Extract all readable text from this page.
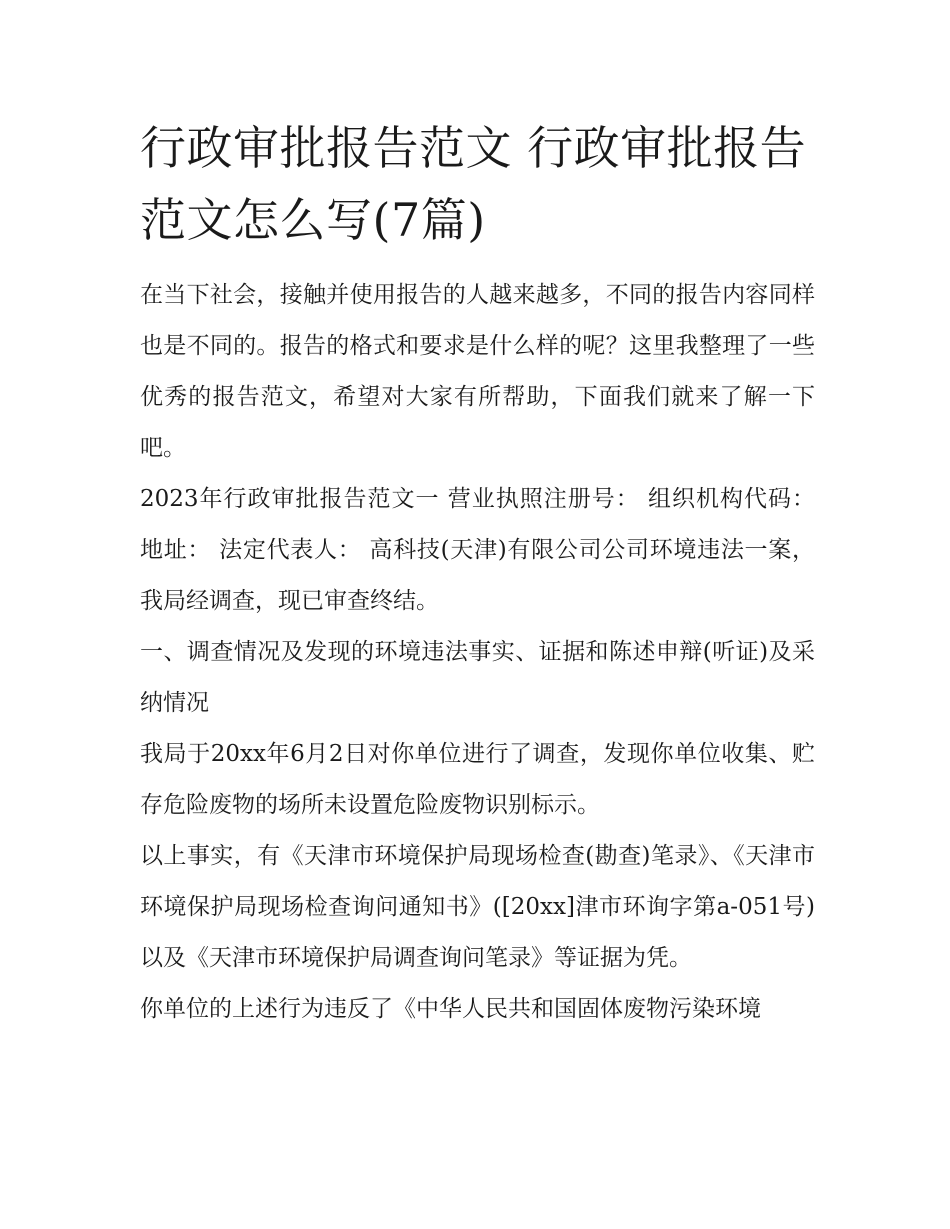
行政审批报告范文 行政审批报告范文怎么写(7篇)

在当下社会，接触并使用报告的人越来越多，不同的报告内容同样也是不同的。报告的格式和要求是什么样的呢？这里我整理了一些优秀的报告范文，希望对大家有所帮助，下面我们就来了解一下吧。

2023年行政审批报告范文一 营业执照注册号： 组织机构代码： 地址： 法定代表人： 高科技(天津)有限公司公司环境违法一案，我局经调查，现已审查终结。

一、调查情况及发现的环境违法事实、证据和陈述申辩(听证)及采纳情况

我局于20xx年6月2日对你单位进行了调查，发现你单位收集、贮存危险废物的场所未设置危险废物识别标示。

以上事实，有《天津市环境保护局现场检查(勘查)笔录》、《天津市环境保护局现场检查询问通知书》([20xx]津市环询字第a-051号)以及《天津市环境保护局调查询问笔录》等证据为凭。

你单位的上述行为违反了《中华人民共和国固体废物污染环境
